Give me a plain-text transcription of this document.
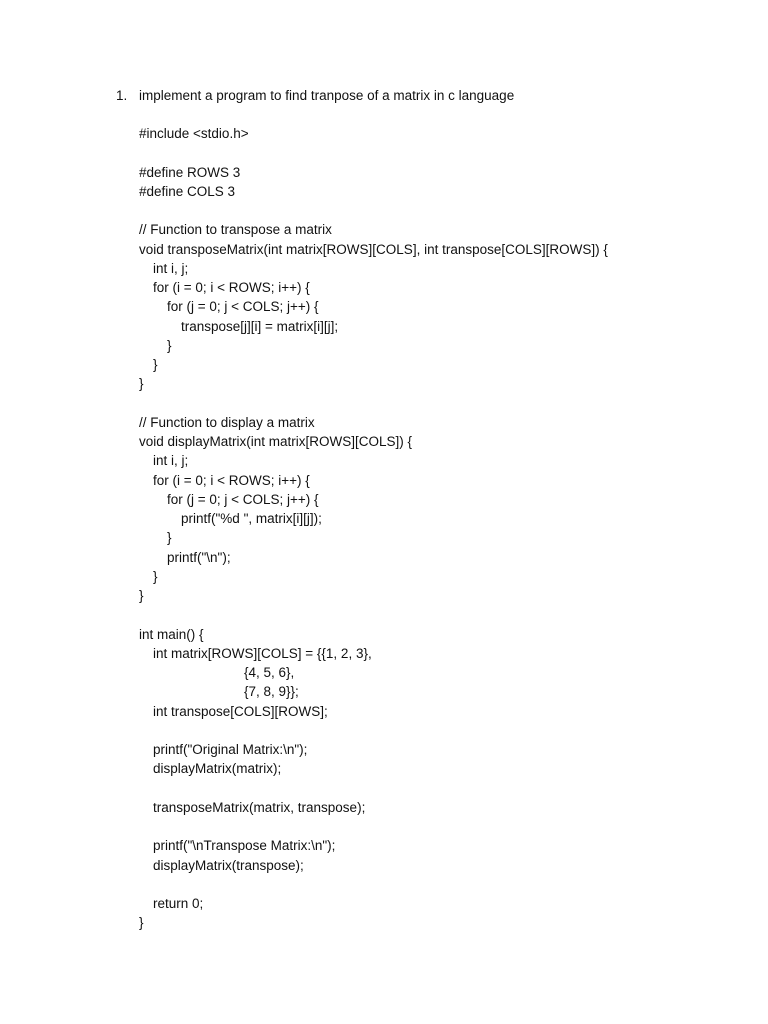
1. implement a program to find tranpose of a matrix in c language
#include <stdio.h>
#define ROWS 3
#define COLS 3
// Function to transpose a matrix
void transposeMatrix(int matrix[ROWS][COLS], int transpose[COLS][ROWS]) {
int i, j;
for (i = 0; i < ROWS; i++) {
for (j = 0; j < COLS; j++) {
transpose[j][i] = matrix[i][j];
}
}
}
// Function to display a matrix
void displayMatrix(int matrix[ROWS][COLS]) {
int i, j;
for (i = 0; i < ROWS; i++) {
for (j = 0; j < COLS; j++) {
printf("%d ", matrix[i][j]);
}
printf("\n");
}
}
int main() {
int matrix[ROWS][COLS] = {{1, 2, 3},
{4, 5, 6},
{7, 8, 9}};
int transpose[COLS][ROWS];
printf("Original Matrix:\n");
displayMatrix(matrix);
transposeMatrix(matrix, transpose);
printf("\nTranspose Matrix:\n");
displayMatrix(transpose);
return 0;
}
